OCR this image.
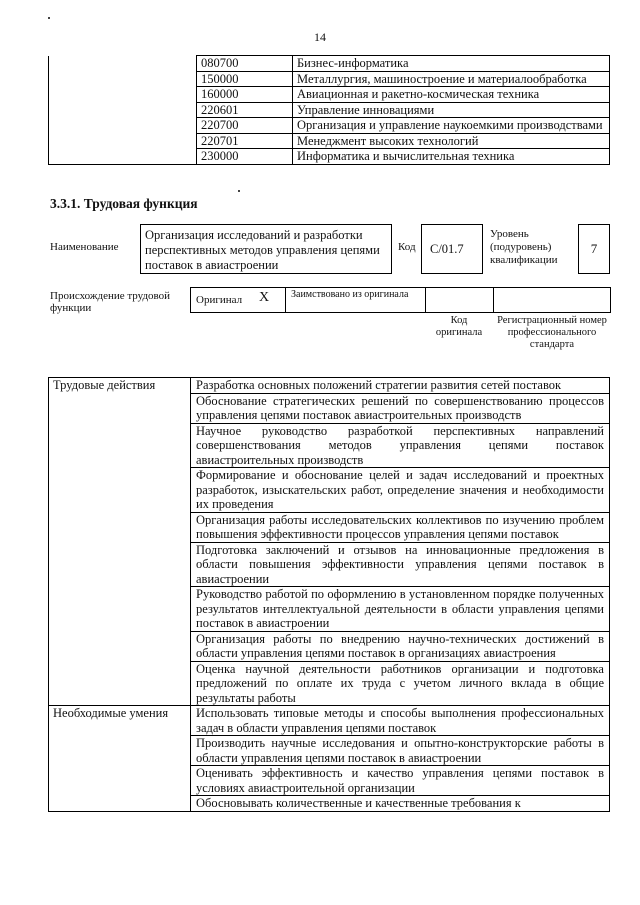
14
	080700	Бизнес-информатика
	150000	Металлургия, машиностроение и материалообработка
	160000	Авиационная и ракетно-космическая техника
	220601	Управление инновациями
	220700	Организация и управление наукоемкими производствами
	220701	Менеджмент высоких технологий
	230000	Информатика и вычислительная техника
3.3.1. Трудовая функция
Наименование
Организация исследований и разработки перспективных методов управления цепями поставок в авиастроении
Код	C/01.7
Уровень (подуровень) квалификации
7
Происхождение трудовой функции
Оригинал X Заимствовано из оригинала
Код оригинала
Регистрационный номер профессионального стандарта
Трудовые действия	Разработка основных положений стратегии развития сетей поставок
	Обоснование стратегических решений по совершенствованию процессов управления цепями поставок авиастроительных производств
	Научное руководство разработкой перспективных направлений совершенствования методов управления цепями поставок авиастроительных производств
	Формирование и обоснование целей и задач исследований и проектных разработок, изыскательских работ, определение значения и необходимости их проведения
	Организация работы исследовательских коллективов по изучению проблем повышения эффективности процессов управления цепями поставок
	Подготовка заключений и отзывов на инновационные предложения в области повышения эффективности управления цепями поставок в авиастроении
	Руководство работой по оформлению в установленном порядке полученных результатов интеллектуальной деятельности в области управления цепями поставок в авиастроении
	Организация работы по внедрению научно-технических достижений в области управления цепями поставок в организациях авиастроения
	Оценка научной деятельности работников организации и подготовка предложений по оплате их труда с учетом личного вклада в общие результаты работы
Необходимые умения	Использовать типовые методы и способы выполнения профессиональных задач в области управления цепями поставок
	Производить научные исследования и опытно-конструкторские работы в области управления цепями поставок в авиастроении
	Оценивать эффективность и качество управления цепями поставок в условиях авиастроительной организации
	Обосновывать количественные и качественные требования к
